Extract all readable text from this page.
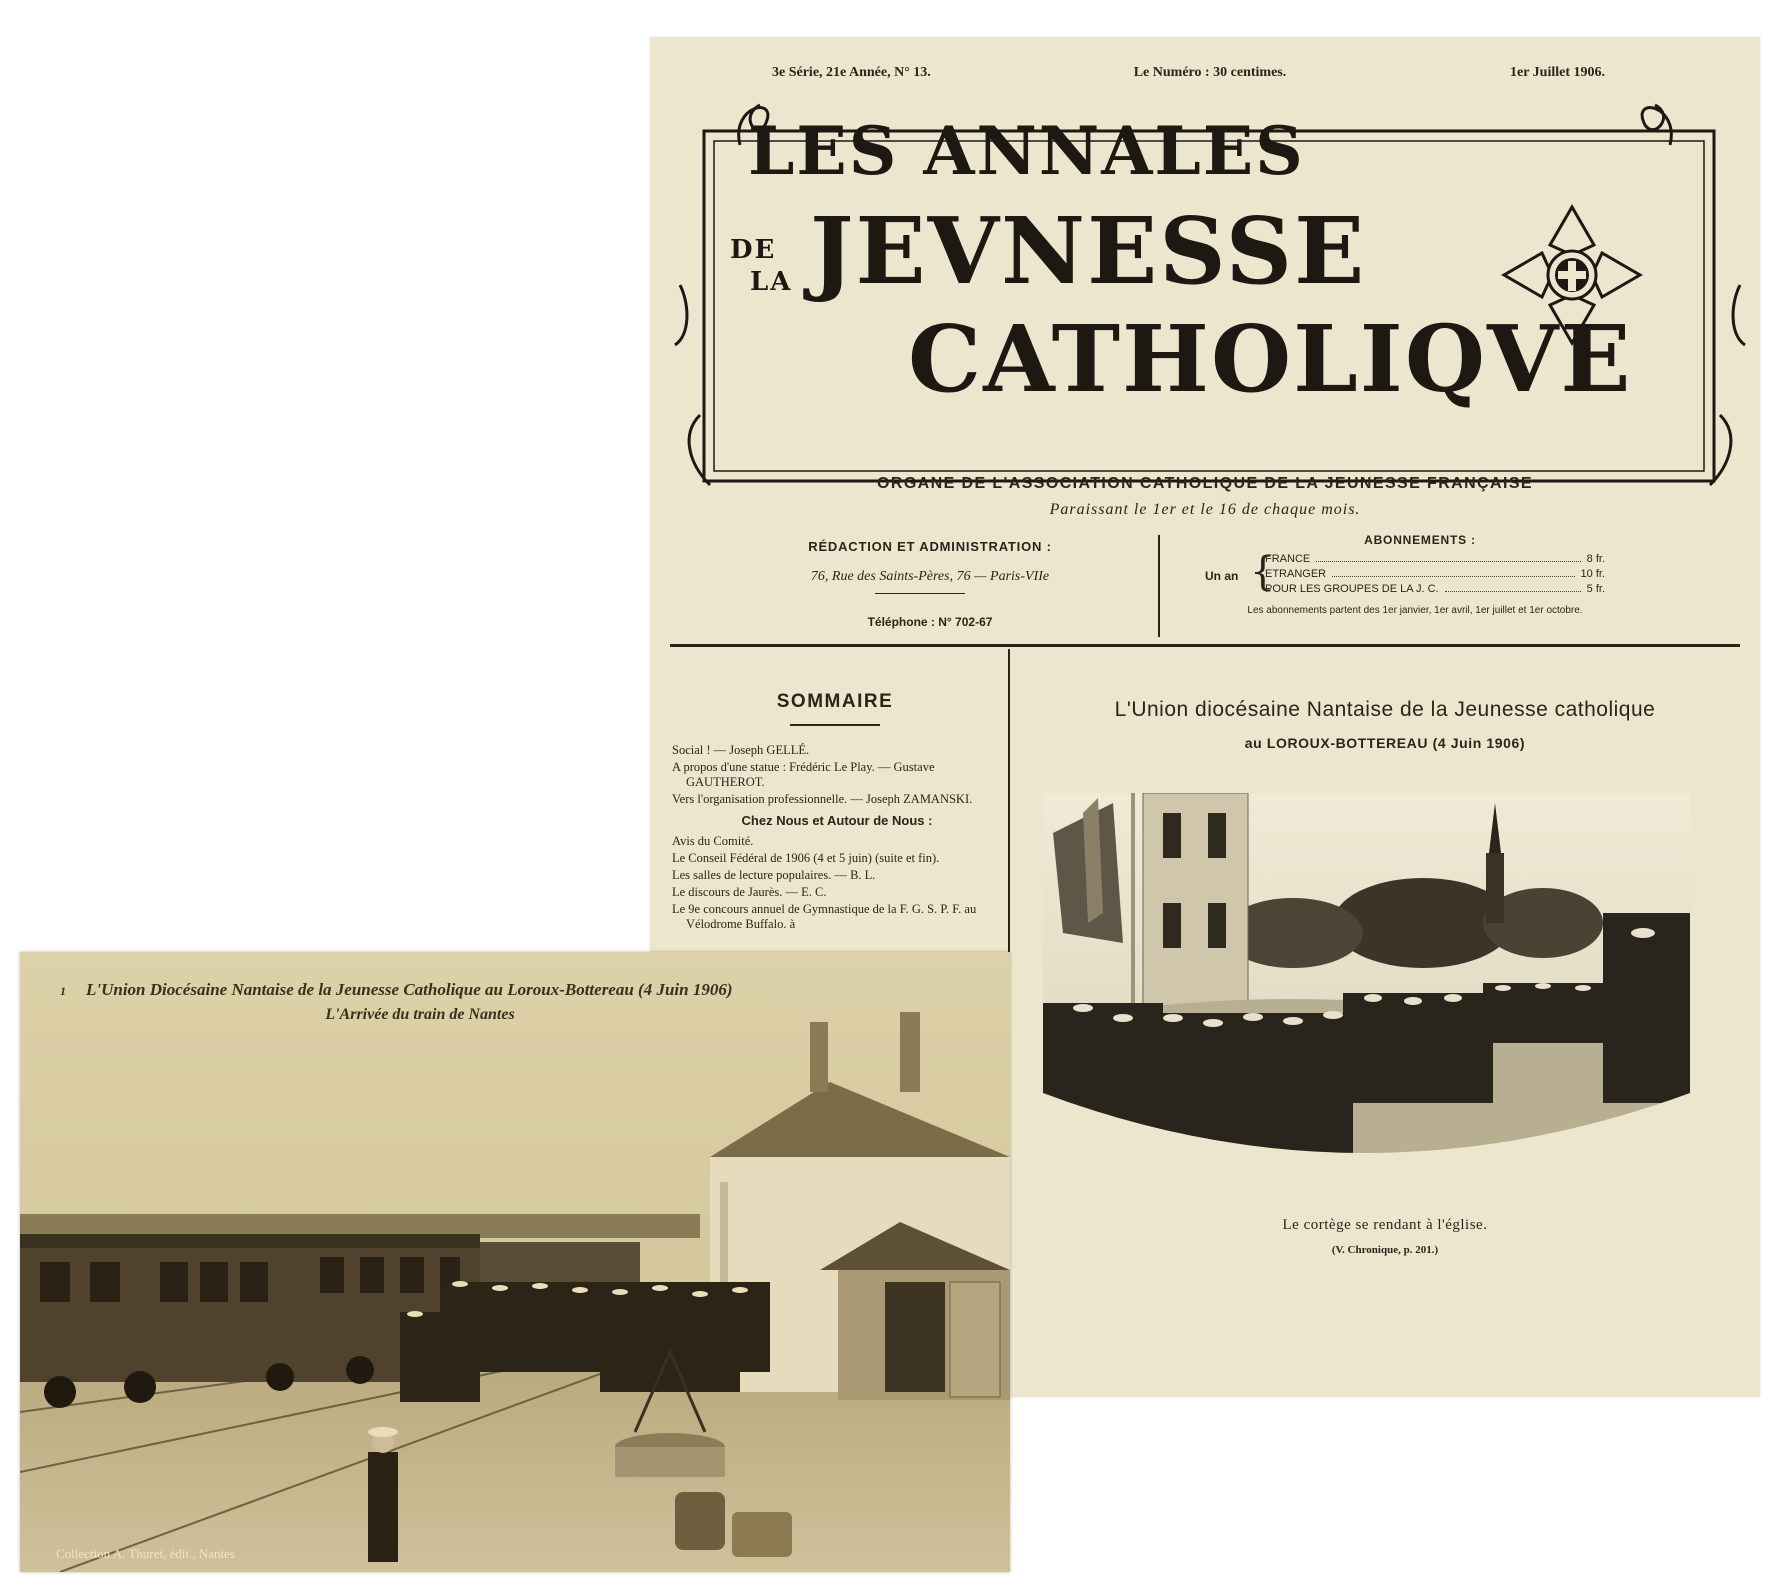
3e Série, 21e Année, N° 13.	Le Numéro : 30 centimes.	1er Juillet 1906.
LES ANNALES
DE
LA JEVNESSE
CATHOLIQVE
ORGANE DE L'ASSOCIATION CATHOLIQUE DE LA JEUNESSE FRANÇAISE
Paraissant le 1er et le 16 de chaque mois.
RÉDACTION ET ADMINISTRATION :
76, Rue des Saints-Pères, 76 — Paris-VIIe
Téléphone : N° 702-67
ABONNEMENTS :
Un an {
FRANCE	8 fr.
ETRANGER	10 fr.
POUR LES GROUPES DE LA J. C.	5 fr.
Les abonnements partent des 1er janvier, 1er avril, 1er juillet et 1er octobre.
SOMMAIRE

Social ! — Joseph GELLÉ.

A propos d'une statue : Frédéric Le Play. — Gustave GAUTHEROT.

Vers l'organisation professionnelle. — Joseph ZAMANSKI.

Chez Nous et Autour de Nous :

Avis du Comité.

Le Conseil Fédéral de 1906 (4 et 5 juin) (suite et fin).

Les salles de lecture populaires. — B. L.

Le discours de Jaurès. — E. C.

Le 9e concours annuel de Gymnastique de la F. G. S. P. F. au Vélodrome Buffalo. à

L'Union diocésaine Nantaise de la Jeunesse catholique
au LOROUX-BOTTEREAU (4 Juin 1906)
Le cortège se rendant à l'église.
(V. Chronique, p. 201.)
1 L'Union Diocésaine Nantaise de la Jeunesse Catholique au Loroux-Bottereau (4 Juin 1906)
L'Arrivée du train de Nantes
Collection A. Thuret, édit., Nantes
